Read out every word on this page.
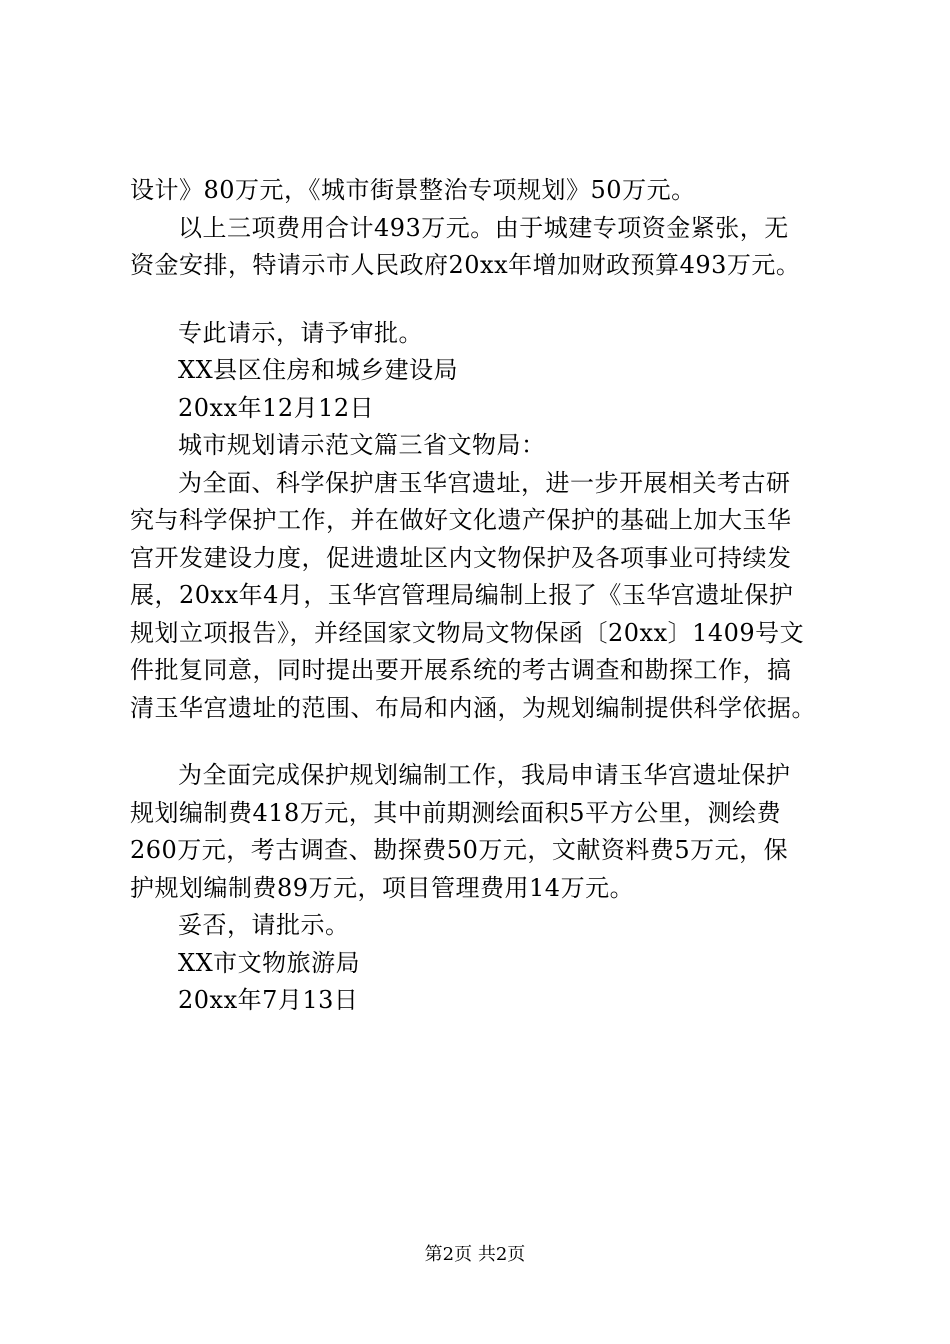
设计》80万元，《城市街景整治专项规划》50万元。
以上三项费用合计493万元。由于城建专项资金紧张，无
资金安排，特请示市人民政府20xx年增加财政预算493万元。
专此请示，请予审批。
XX县区住房和城乡建设局
20xx年12月12日
城市规划请示范文篇三省文物局：
为全面、科学保护唐玉华宫遗址，进一步开展相关考古研
究与科学保护工作，并在做好文化遗产保护的基础上加大玉华
宫开发建设力度，促进遗址区内文物保护及各项事业可持续发
展，20xx年4月，玉华宫管理局编制上报了《玉华宫遗址保护
规划立项报告》，并经国家文物局文物保函〔20xx〕1409号文
件批复同意，同时提出要开展系统的考古调查和勘探工作，搞
清玉华宫遗址的范围、布局和内涵，为规划编制提供科学依据。
为全面完成保护规划编制工作，我局申请玉华宫遗址保护
规划编制费418万元，其中前期测绘面积5平方公里，测绘费
260万元，考古调查、勘探费50万元，文献资料费5万元，保
护规划编制费89万元，项目管理费用14万元。
妥否，请批示。
XX市文物旅游局
20xx年7月13日
第2页 共2页
